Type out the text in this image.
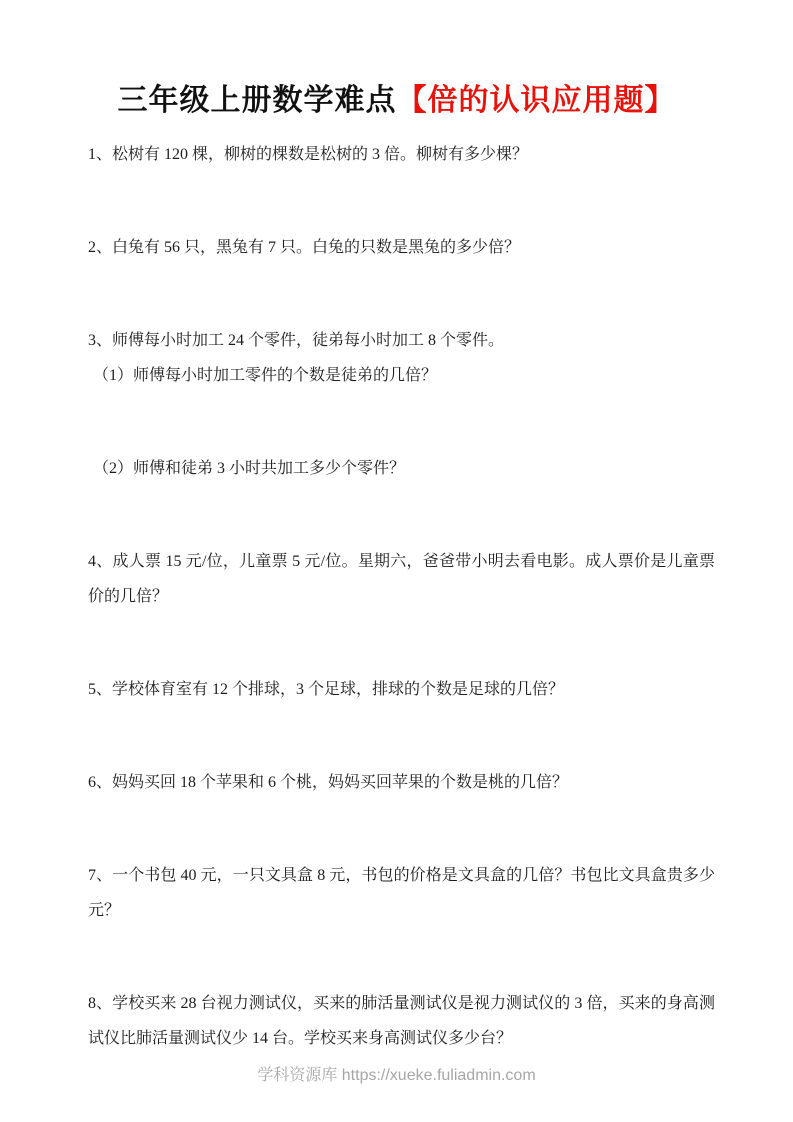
三年级上册数学难点【倍的认识应用题】
1、松树有 120 棵，柳树的棵数是松树的 3 倍。柳树有多少棵？
2、白兔有 56 只，黑兔有 7 只。白兔的只数是黑兔的多少倍？
3、师傅每小时加工 24 个零件，徒弟每小时加工 8 个零件。
（1）师傅每小时加工零件的个数是徒弟的几倍？
（2）师傅和徒弟 3 小时共加工多少个零件？
4、成人票 15 元/位，儿童票 5 元/位。星期六，爸爸带小明去看电影。成人票价是儿童票价的几倍？
5、学校体育室有 12 个排球，3 个足球，排球的个数是足球的几倍？
6、妈妈买回 18 个苹果和 6 个桃，妈妈买回苹果的个数是桃的几倍？
7、一个书包 40 元，一只文具盒 8 元，书包的价格是文具盒的几倍？书包比文具盒贵多少元？
8、学校买来 28 台视力测试仪，买来的肺活量测试仪是视力测试仪的 3 倍，买来的身高测试仪比肺活量测试仪少 14 台。学校买来身高测试仪多少台？
学科资源库 https://xueke.fuliadmin.com
